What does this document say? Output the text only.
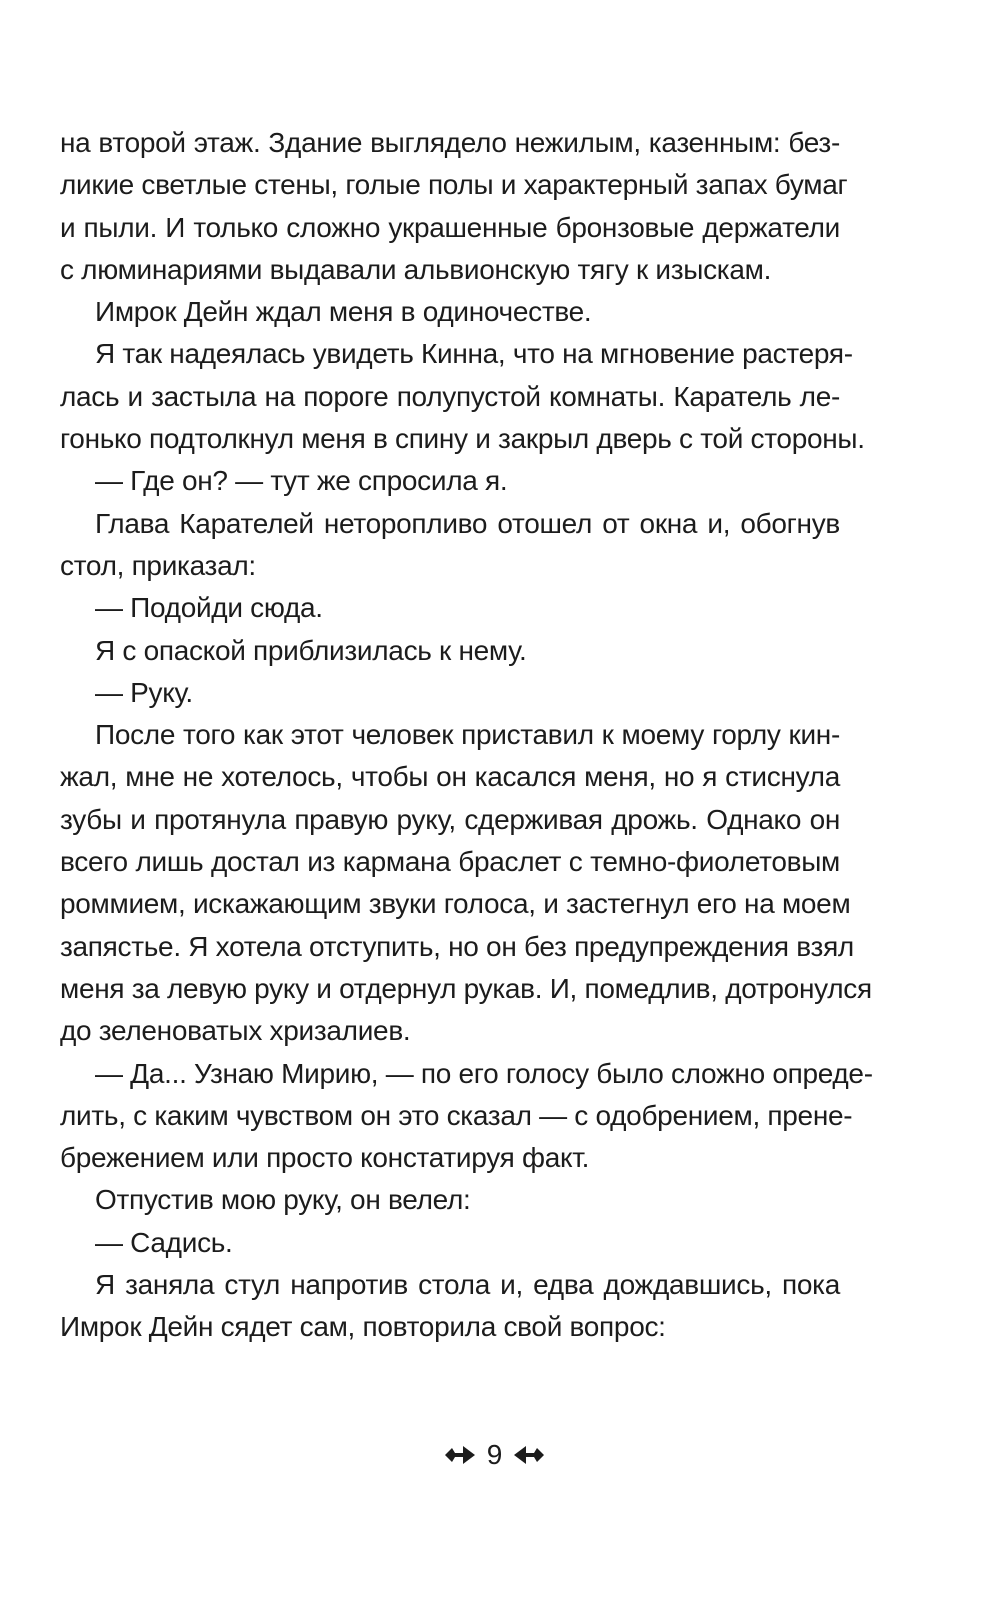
на второй этаж. Здание выглядело нежилым, казенным: без-
ликие светлые стены, голые полы и характерный запах бумаг
и пыли. И только сложно украшенные бронзовые держатели
с люминариями выдавали альвионскую тягу к изыскам.
Имрок Дейн ждал меня в одиночестве.
Я так надеялась увидеть Кинна, что на мгновение растеря-
лась и застыла на пороге полупустой комнаты. Каратель ле-
гонько подтолкнул меня в спину и закрыл дверь с той стороны.
— Где он? — тут же спросила я.
Глава Карателей неторопливо отошел от окна и, обогнув
стол, приказал:
— Подойди сюда.
Я с опаской приблизилась к нему.
— Руку.
После того как этот человек приставил к моему горлу кин-
жал, мне не хотелось, чтобы он касался меня, но я стиснула
зубы и протянула правую руку, сдерживая дрожь. Однако он
всего лишь достал из кармана браслет с темно-фиолетовым
роммием, искажающим звуки голоса, и застегнул его на моем
запястье. Я хотела отступить, но он без предупреждения взял
меня за левую руку и отдернул рукав. И, помедлив, дотронулся
до зеленоватых хризалиев.
— Да... Узнаю Мирию, — по его голосу было сложно опреде-
лить, с каким чувством он это сказал — с одобрением, прене-
брежением или просто констатируя факт.
Отпустив мою руку, он велел:
— Садись.
Я заняла стул напротив стола и, едва дождавшись, пока
Имрок Дейн сядет сам, повторила свой вопрос:
9
